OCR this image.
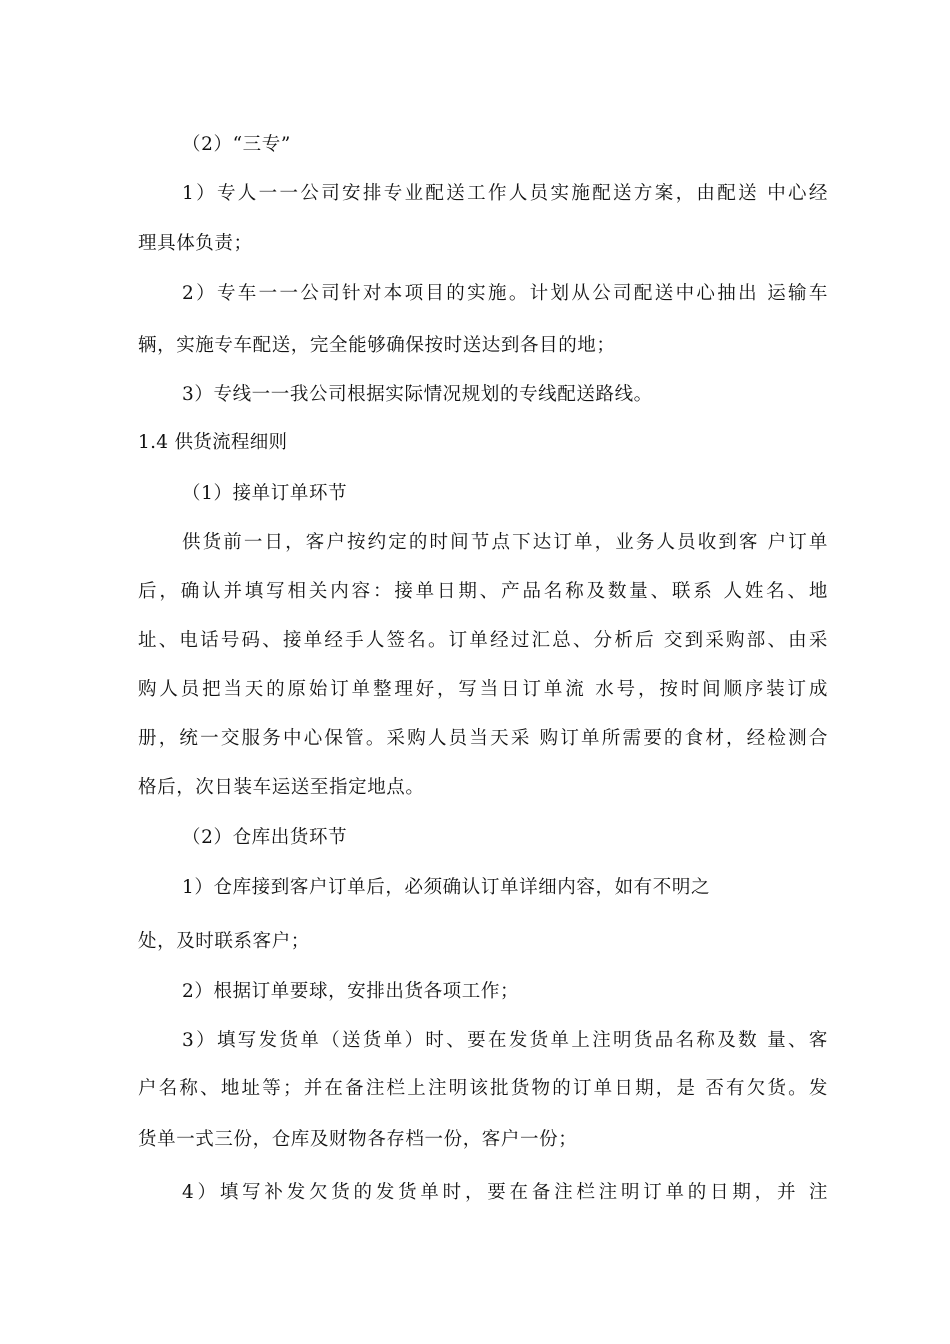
（2）“三专”
1）专人一一公司安排专业配送工作人员实施配送方案，由配送 中心经
理具体负责；
2）专车一一公司针对本项目的实施。计划从公司配送中心抽出 运输车
辆，实施专车配送，完全能够确保按时送达到各目的地；
3）专线一一我公司根据实际情况规划的专线配送路线。
1.4 供货流程细则
（1）接单订单环节
供货前一日，客户按约定的时间节点下达订单，业务人员收到客 户订单
后，确认并填写相关内容：接单日期、产品名称及数量、联系 人姓名、地
址、电话号码、接单经手人签名。订单经过汇总、分析后 交到采购部、由采
购人员把当天的原始订单整理好，写当日订单流 水号，按时间顺序装订成
册，统一交服务中心保管。采购人员当天采 购订单所需要的食材，经检测合
格后，次日装车运送至指定地点。
（2）仓库出货环节
1）仓库接到客户订单后，必须确认订单详细内容，如有不明之
处，及时联系客户；
2）根据订单要球，安排出货各项工作；
3）填写发货单（送货单）时、要在发货单上注明货品名称及数 量、客
户名称、地址等；并在备注栏上注明该批货物的订单日期，是 否有欠货。发
货单一式三份，仓库及财物各存档一份，客户一份；
4）填写补发欠货的发货单时，要在备注栏注明订单的日期，并 注
